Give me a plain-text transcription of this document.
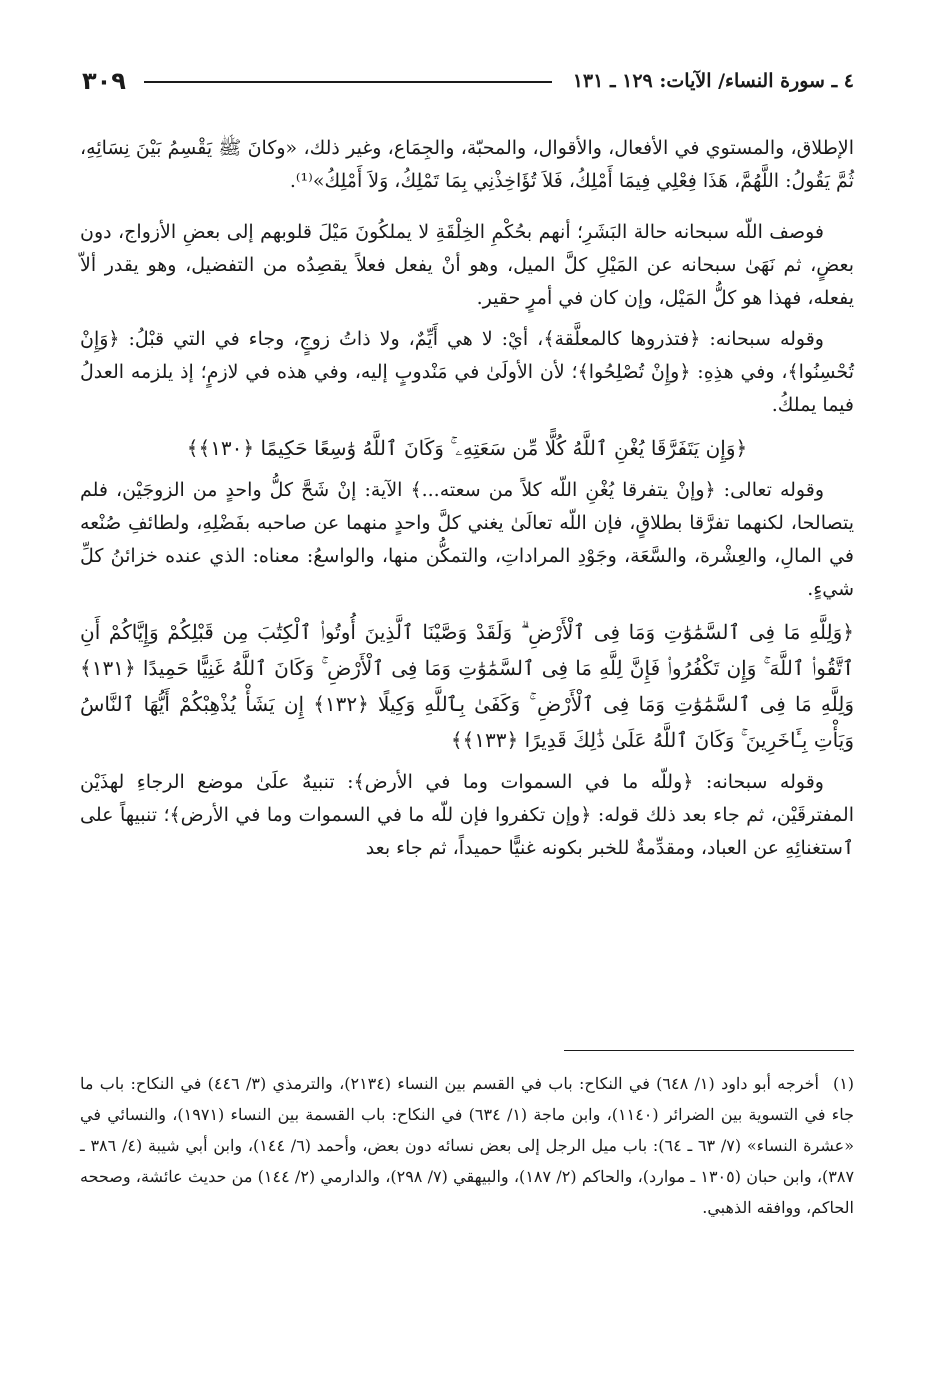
٣٠٩	٤ ـ سورة النساء/ الآيات: ١٢٩ ـ ١٣١

الإطلاق، والمستوي في الأفعال، والأقوال، والمحبّة، والجِمَاع، وغير ذلك، «وكانَ ﷺ يَقْسِمُ بَيْنَ نِسَائِهِ، ثُمَّ يَقُولُ: اللَّهُمَّ، هَذَا فِعْلِي فِيمَا أَمْلِكُ، فَلاَ تُؤَاخِذْنِي بِمَا تَمْلِكُ، وَلاَ أَمْلِكُ»⁽¹⁾.

فوصف اللّه سبحانه حالة البَشَرِ؛ أنهم بحُكْمِ الخِلْقَةِ لا يملكُونَ مَيْلَ قلوبهم إلى بعضِ الأزواج، دون بعضٍ، ثم نَهَىٰ سبحانه عن المَيْلِ كلَّ الميل، وهو أنْ يفعل فعلاً يقصِدُه من التفضيل، وهو يقدر ألاّ يفعله، فهذا هو كلُّ المَيْل، وإن كان في أمرٍ حقير.

وقوله سبحانه: ﴿فتذروها كالمعلَّقة﴾، أيْ: لا هي أَيِّمٌ، ولا ذاتُ زوجٍ، وجاء في التي قبْلُ: ﴿وَإِنْ تُحْسِنُوا﴾، وفي هذِهِ: ﴿وإِنْ تُصْلِحُوا﴾؛ لأن الأولَىٰ في مَنْدوبٍ إليه، وفي هذه في لازمٍ؛ إذ يلزمه العدلُ فيما يملكُ.

﴿وَإِن يَتَفَرَّقَا يُغْنِ ٱللَّهُ كُلًّا مِّن سَعَتِهِۦ ۚ وَكَانَ ٱللَّهُ وَٰسِعًا حَكِيمًا ﴿١٣٠﴾﴾

وقوله تعالى: ﴿وإنْ يتفرقا يُغْنِ اللّه كلاً من سعته...﴾ الآية: إنْ شَحَّ كلُّ واحدٍ من الزوجَيْن، فلم يتصالحا، لكنهما تفرَّقا بطلاقٍ، فإن اللّه تعالَىٰ يغني كلَّ واحدٍ منهما عن صاحبه بفَضْلِهِ، ولطائفِ صُنْعه في المالِ، والعِشْرة، والسَّعَة، وجَوْدِ المراداتِ، والتمكُّن منها، والواسعُ: معناه: الذي عنده خزائنُ كلِّ شيءٍ.

﴿وَلِلَّهِ مَا فِى ٱلسَّمَٰوَٰتِ وَمَا فِى ٱلْأَرْضِ ۗ وَلَقَدْ وَصَّيْنَا ٱلَّذِينَ أُوتُوا۟ ٱلْكِتَٰبَ مِن قَبْلِكُمْ وَإِيَّاكُمْ أَنِ ٱتَّقُوا۟ ٱللَّهَ ۚ وَإِن تَكْفُرُوا۟ فَإِنَّ لِلَّهِ مَا فِى ٱلسَّمَٰوَٰتِ وَمَا فِى ٱلْأَرْضِ ۚ وَكَانَ ٱللَّهُ غَنِيًّا حَمِيدًا ﴿١٣١﴾ وَلِلَّهِ مَا فِى ٱلسَّمَٰوَٰتِ وَمَا فِى ٱلْأَرْضِ ۚ وَكَفَىٰ بِٱللَّهِ وَكِيلًا ﴿١٣٢﴾ إِن يَشَأْ يُذْهِبْكُمْ أَيُّهَا ٱلنَّاسُ وَيَأْتِ بِـَٔاخَرِينَ ۚ وَكَانَ ٱللَّهُ عَلَىٰ ذَٰلِكَ قَدِيرًا ﴿١٣٣﴾﴾

وقوله سبحانه: ﴿وللّه ما في السموات وما في الأرض﴾: تنبيهٌ علَىٰ موضع الرجاءِ لهذَيْن المفترقَيْن، ثم جاء بعد ذلك قوله: ﴿وإن تكفروا فإن للّه ما في السموات وما في الأرض﴾؛ تنبيهاً على ٱستغنائِهِ عن العباد، ومقدِّمةٌ للخبر بكونه غنيًّا حميداً، ثم جاء بعد

(١)أخرجه أبو داود (١/ ٦٤٨) في النكاح: باب في القسم بين النساء (٢١٣٤)، والترمذي (٣/ ٤٤٦) في النكاح: باب ما جاء في التسوية بين الضرائر (١١٤٠)، وابن ماجة (١/ ٦٣٤) في النكاح: باب القسمة بين النساء (١٩٧١)، والنسائي في «عشرة النساء» (٧/ ٦٣ ـ ٦٤): باب ميل الرجل إلى بعض نسائه دون بعض، وأحمد (٦/ ١٤٤)، وابن أبي شيبة (٤/ ٣٨٦ ـ ٣٨٧)، وابن حبان (١٣٠٥ ـ موارد)، والحاكم (٢/ ١٨٧)، والبيهقي (٧/ ٢٩٨)، والدارمي (٢/ ١٤٤) من حديث عائشة، وصححه الحاكم، ووافقه الذهبي.
